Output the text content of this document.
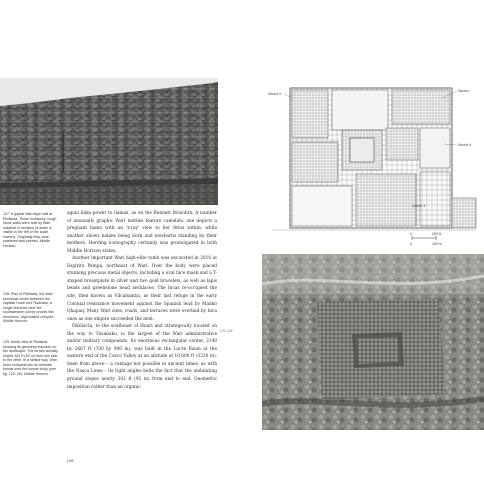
127. A typical Wari-style wall at Pikillacta. These multistory, rough stone walls were built by Wari subjects in sections (a seam is visible to the left of the scale marker). Originally they were plastered and painted. Middle Horizon.
128. Plan of Pikillacta, the Wari provincial center between the capitals Huari and Tiwanaku. A single entrance near the southwestern corner proves this enormous, high-walled complex Middle Horizon.
129. Aerial view of Pikillacta showing its geometry imposed on the landscape. The terrain actually slopes 302 ft (92 m) from one side to the other. In a similar way, Wari turns conquest into an intimate format over the human body (see fig. 122–25). Middle Horizon.

again links power to llamas, as on the Bennett Monolith. A number of unusually graphic Wari textiles feature camelids: one depicts a pregnant llama with an 'x-ray' view to her fetus within, while another shows babies being born and newborns standing by their mothers. Herding iconography certainly was promulgated in both Middle Horizon states.

Another important Wari high-elite tomb was excavated in 2010 at Espíritu Pampa, northeast of Wari. Over the body were placed stunning precious metal objects, including a oval face mask and a T-shaped breastplate in silver and two gold bracelets, as well as lapis beads and greenstone bead necklaces. The Incas re-occupied the site, then known as Vilcabamba, as their last refuge in the early Colonial resistance movement against the Spanish lead by Manko Qhapaq. Many Wari sites, roads, and terraces were overlaid by Inca ones as one empire succeeded the next.

Pikillacta, to the southeast of Huari and strategically located on the way to Tiwanaku, is the largest of the Wari administrative and/or military compounds. Its enormous rectangular center, 2140 by 2667 ft (700 by 800 m), was built in the Lucre Basin at the eastern end of the Cuzco Valley at an altitude of 10,600 ft (3230 m). Seen from above – a vantage not possible in ancient times, as with the Nasca Lines – its right angles belie the fact that the undulating ground slopes nearly 302 ft (92 m) from end to end. Geometric imposition rather than an organic

127–129
| 98
Sector II
Sector I
Sector 4
Sector 3
0	200 ft
0	100 m
